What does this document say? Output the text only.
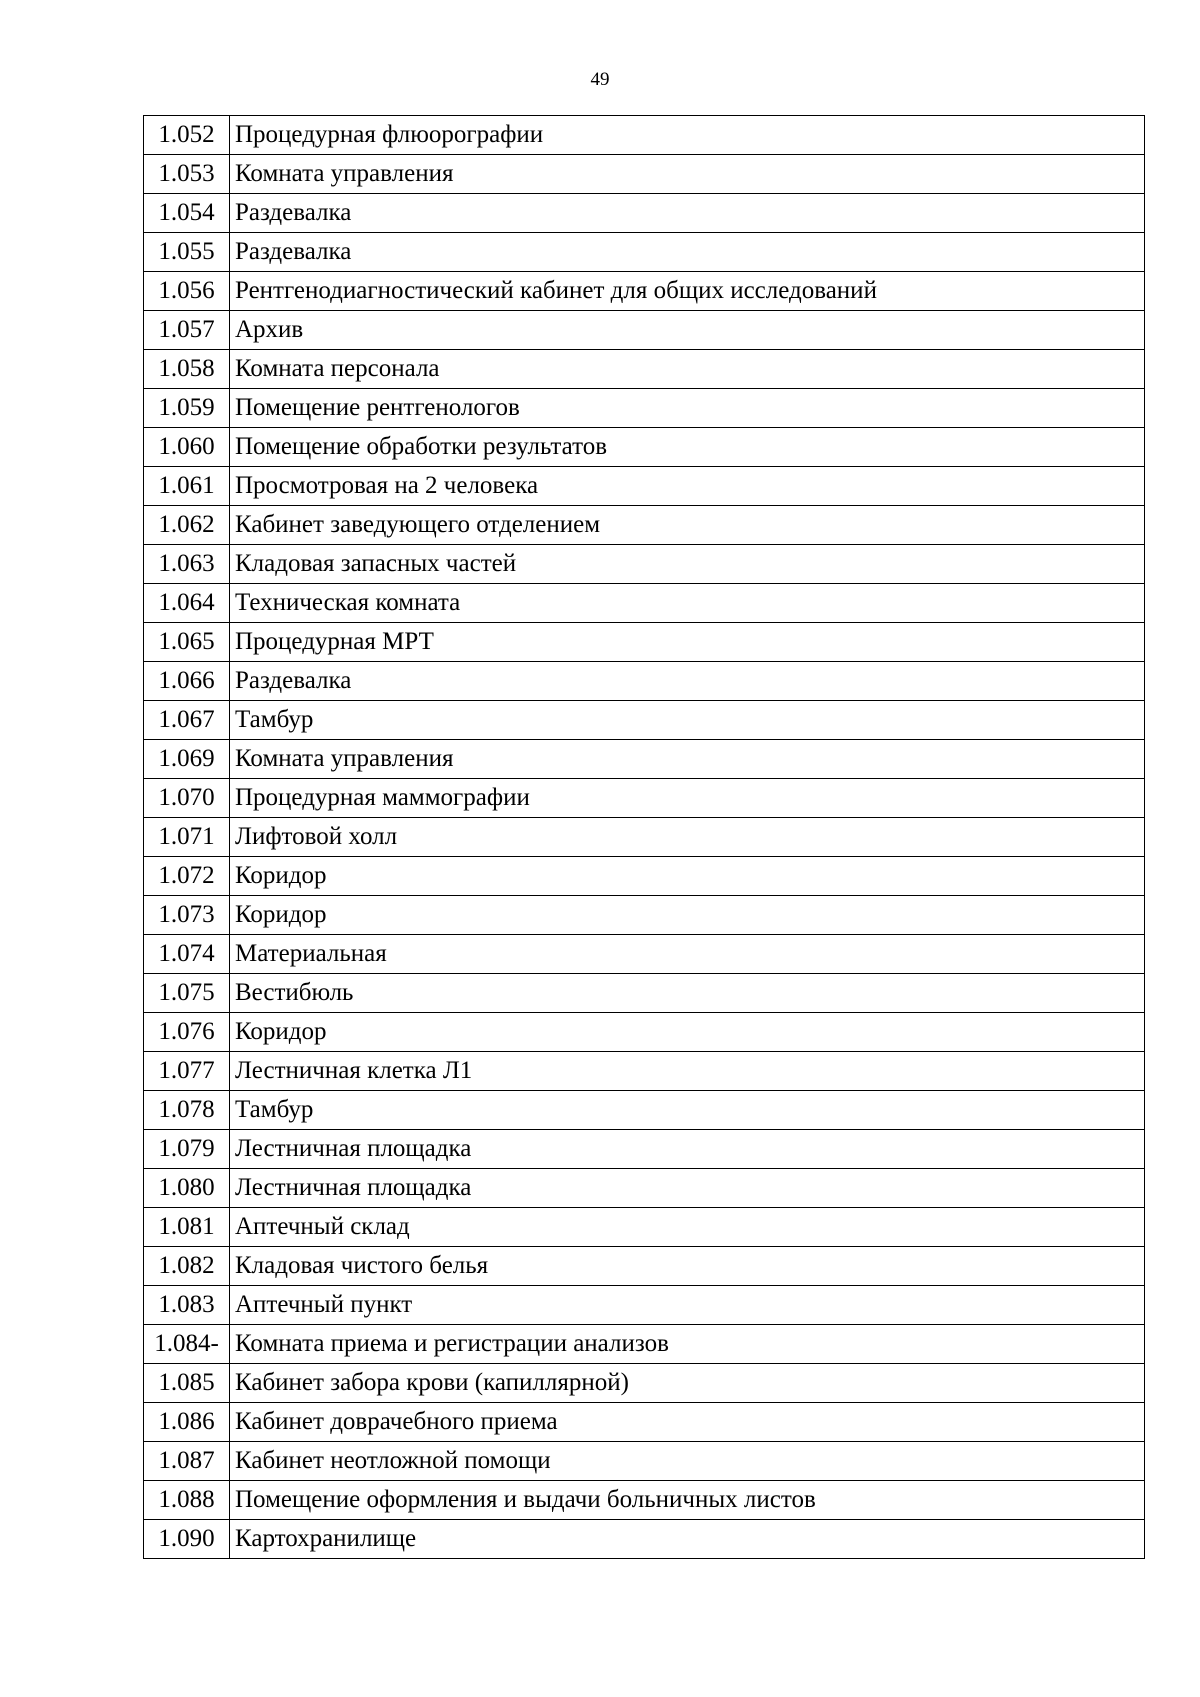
49
1.052	Процедурная флюорографии
1.053	Комната управления
1.054	Раздевалка
1.055	Раздевалка
1.056	Рентгенодиагностический кабинет для общих исследований
1.057	Архив
1.058	Комната персонала
1.059	Помещение рентгенологов
1.060	Помещение обработки результатов
1.061	Просмотровая на 2 человека
1.062	Кабинет заведующего отделением
1.063	Кладовая запасных частей
1.064	Техническая комната
1.065	Процедурная МРТ
1.066	Раздевалка
1.067	Тамбур
1.069	Комната управления
1.070	Процедурная маммографии
1.071	Лифтовой холл
1.072	Коридор
1.073	Коридор
1.074	Материальная
1.075	Вестибюль
1.076	Коридор
1.077	Лестничная клетка Л1
1.078	Тамбур
1.079	Лестничная площадка
1.080	Лестничная площадка
1.081	Аптечный склад
1.082	Кладовая чистого белья
1.083	Аптечный пункт
1.084-	Комната приема и регистрации анализов
1.085	Кабинет забора крови (капиллярной)
1.086	Кабинет доврачебного приема
1.087	Кабинет неотложной помощи
1.088	Помещение оформления и выдачи больничных листов
1.090	Картохранилище
